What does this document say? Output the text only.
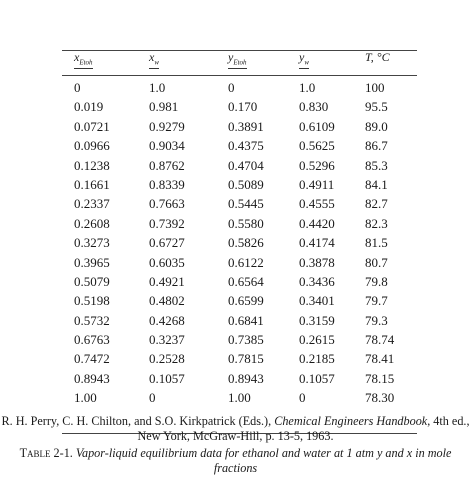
$x_{Etoh}$	$x_w$	$y_{Etoh}$	$y_w$	T, °C
0	1.0	0	1.0	100
0.019	0.981	0.170	0.830	95.5
0.0721	0.9279	0.3891	0.6109 89.0
0.0966	0.9034	0.4375	0.5625 86.7
0.1238	0.8762	0.4704	0.5296 85.3
0.1661	0.8339	0.5089	0.4911 84.1
0.2337	0.7663	0.5445	0.4555 82.7
0.2608	0.7392	0.5580	0.4420 82.3
0.3273	0.6727	0.5826	0.4174 81.5
0.3965	0.6035	0.6122	0.3878 80.7
0.5079	0.4921	0.6564	0.3436 79.8
0.5198	0.4802	0.6599	0.3401 79.7
0.5732	0.4268	0.6841	0.3159 79.3
0.6763	0.3237	0.7385	0.2615 78.74
0.7472	0.2528	0.7815	0.2185 78.41
0.8943	0.1057	0.8943	0.1057 78.15
1.00	0	1.00	0	78.30
R. H. Perry, C. H. Chilton, and S.O. Kirkpatrick (Eds.), Chemical Engineers Handbook, 4th ed., New York, McGraw-Hill, p. 13-5, 1963.
Table 2-1. Vapor-liquid equilibrium data for ethanol and water at 1 atm y and x in mole fractions
